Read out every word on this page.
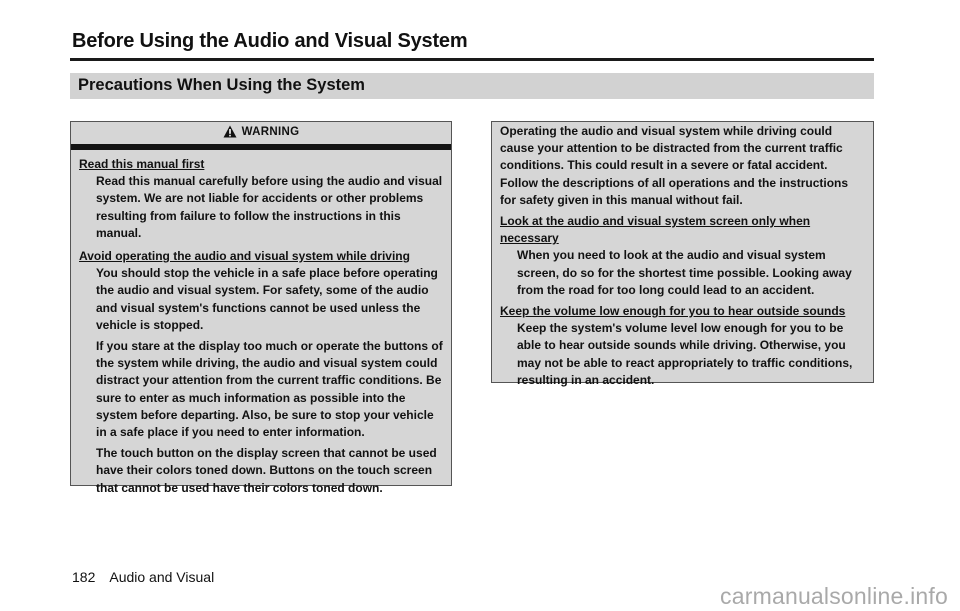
Before Using the Audio and Visual System
Precautions When Using the System
WARNING
Read this manual first
Read this manual carefully before using the audio and visual system. We are not liable for accidents or other problems resulting from failure to follow the instructions in this manual.
Avoid operating the audio and visual system while driving
You should stop the vehicle in a safe place before operating the audio and visual system. For safety, some of the audio and visual system's functions cannot be used unless the vehicle is stopped.
If you stare at the display too much or operate the buttons of the system while driving, the audio and visual system could distract your attention from the current traffic conditions. Be sure to enter as much information as possible into the system before departing. Also, be sure to stop your vehicle in a safe place if you need to enter information.
The touch button on the display screen that cannot be used have their colors toned down. Buttons on the touch screen that cannot be used have their colors toned down.
Operating the audio and visual system while driving could cause your attention to be distracted from the current traffic conditions. This could result in a severe or fatal accident. Follow the descriptions of all operations and the instructions for safety given in this manual without fail.
Look at the audio and visual system screen only when necessary
When you need to look at the audio and visual system screen, do so for the shortest time possible. Looking away from the road for too long could lead to an accident.
Keep the volume low enough for you to hear outside sounds
Keep the system's volume level low enough for you to be able to hear outside sounds while driving. Otherwise, you may not be able to react appropriately to traffic conditions, resulting in an accident.
182 Audio and Visual
carmanualsonline.info
